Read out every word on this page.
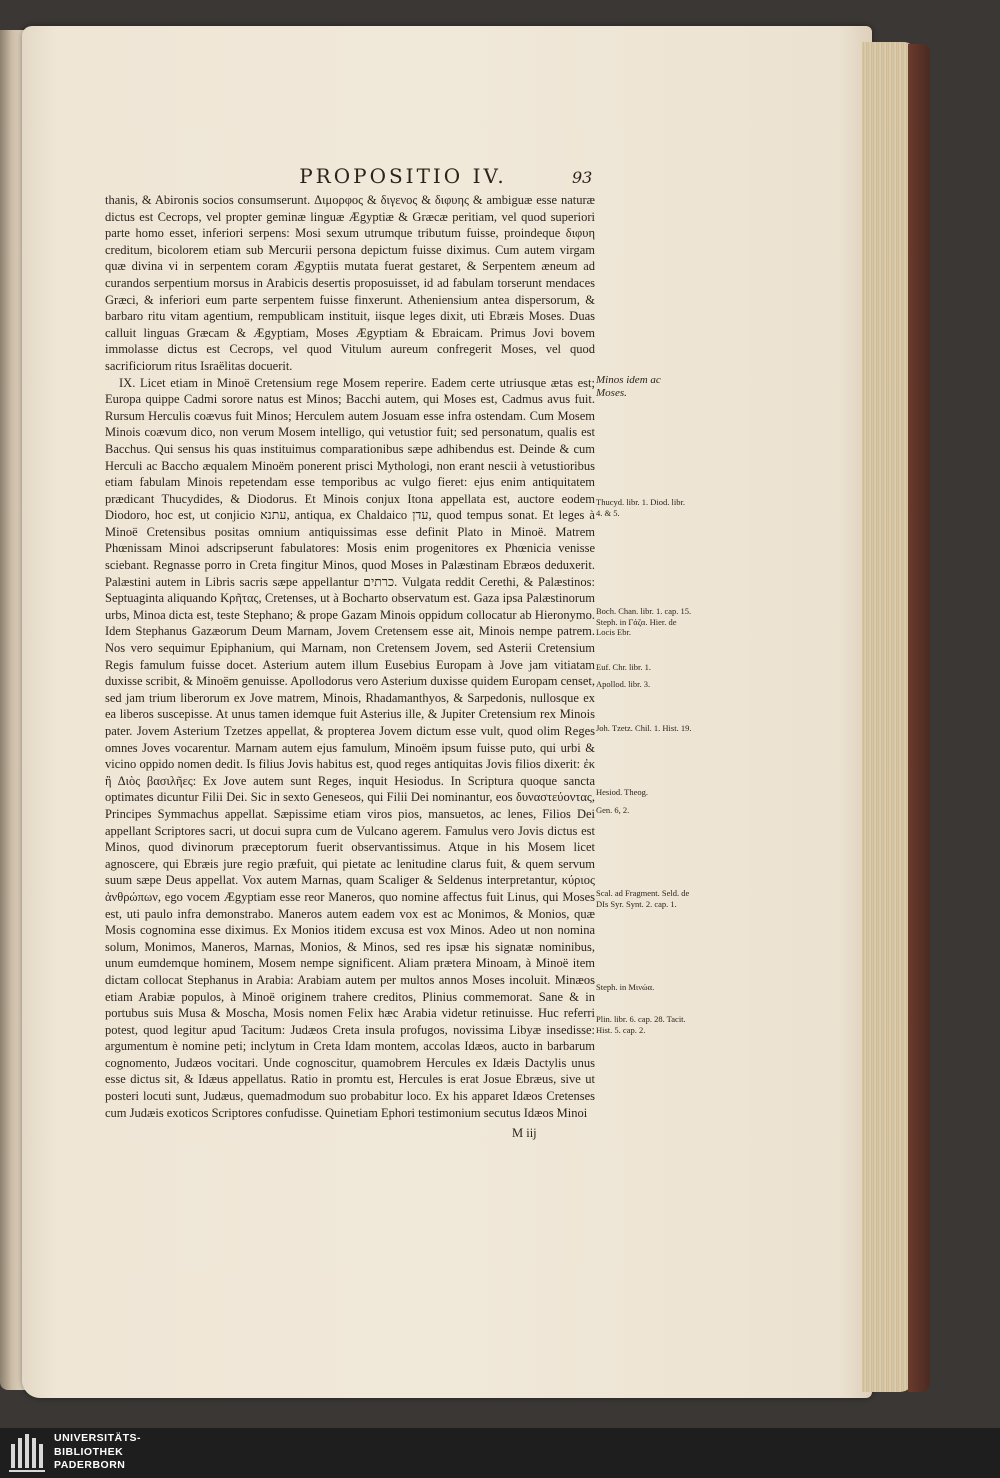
PROPOSITIO IV.	93

thanis, & Abironis socios consumserunt. Διμορφος & διγενος & διφυης & ambiguæ esse naturæ dictus est Cecrops, vel propter geminæ linguæ Ægyptiæ & Græcæ peritiam, vel quod superiori parte homo esset, inferiori serpens: Mosi sexum utrumque tributum fuisse, proindeque διφυη creditum, bicolorem etiam sub Mercurii persona depictum fuisse diximus. Cum autem virgam quæ divina vi in serpentem coram Ægyptiis mutata fuerat gestaret, & Serpentem æneum ad curandos serpentium morsus in Arabicis desertis proposuisset, id ad fabulam torserunt mendaces Græci, & inferiori eum parte serpentem fuisse finxerunt. Atheniensium antea dispersorum, & barbaro ritu vitam agentium, rempublicam instituit, iisque leges dixit, uti Ebræis Moses. Duas calluit linguas Græcam & Ægyptiam, Moses Ægyptiam & Ebraicam. Primus Jovi bovem immolasse dictus est Cecrops, vel quod Vitulum aureum confregerit Moses, vel quod sacrificiorum ritus Israëlitas docuerit.

IX. Licet etiam in Minoë Cretensium rege Mosem reperire. Eadem certe utriusque ætas est; Europa quippe Cadmi sorore natus est Minos; Bacchi autem, qui Moses est, Cadmus avus fuit. Rursum Herculis coævus fuit Minos; Herculem autem Josuam esse infra ostendam. Cum Mosem Minois coævum dico, non verum Mosem intelligo, qui vetustior fuit; sed personatum, qualis est Bacchus. Qui sensus his quas instituimus comparationibus sæpe adhibendus est. Deinde & cum Herculi ac Baccho æqualem Minoëm ponerent prisci Mythologi, non erant nescii à vetustioribus etiam fabulam Minois repetendam esse temporibus ac vulgo fieret: ejus enim antiquitatem prædicant Thucydides, & Diodorus. Et Minois conjux Itona appellata est, auctore eodem Diodoro, hoc est, ut conjicio עתנא, antiqua, ex Chaldaico עדן, quod tempus sonat. Et leges à Minoë Cretensibus positas omnium antiquissimas esse definit Plato in Minoë. Matrem Phœnissam Minoi adscripserunt fabulatores: Mosis enim progenitores ex Phœnicia venisse sciebant. Regnasse porro in Creta fingitur Minos, quod Moses in Palæstinam Ebræos deduxerit. Palæstini autem in Libris sacris sæpe appellantur כרתים. Vulgata reddit Cerethi, & Palæstinos: Septuaginta aliquando Κρῆτας, Cretenses, ut à Bocharto observatum est. Gaza ipsa Palæstinorum urbs, Minoa dicta est, teste Stephano; & prope Gazam Minois oppidum collocatur ab Hieronymo. Idem Stephanus Gazæorum Deum Marnam, Jovem Cretensem esse ait, Minois nempe patrem. Nos vero sequimur Epiphanium, qui Marnam, non Cretensem Jovem, sed Asterii Cretensium Regis famulum fuisse docet. Asterium autem illum Eusebius Europam à Jove jam vitiatam duxisse scribit, & Minoëm genuisse. Apollodorus vero Asterium duxisse quidem Europam censet, sed jam trium liberorum ex Jove matrem, Minois, Rhadamanthyos, & Sarpedonis, nullosque ex ea liberos suscepisse. At unus tamen idemque fuit Asterius ille, & Jupiter Cretensium rex Minois pater. Jovem Asterium Tzetzes appellat, & propterea Jovem dictum esse vult, quod olim Reges omnes Joves vocarentur. Marnam autem ejus famulum, Minoëm ipsum fuisse puto, qui urbi & vicino oppido nomen dedit. Is filius Jovis habitus est, quod reges antiquitas Jovis filios dixerit: ἐκ ἢ Διὸς βασιλῆες: Ex Jove autem sunt Reges, inquit Hesiodus. In Scriptura quoque sancta optimates dicuntur Filii Dei. Sic in sexto Geneseos, qui Filii Dei nominantur, eos δυναστεύοντας, Principes Symmachus appellat. Sæpissime etiam viros pios, mansuetos, ac lenes, Filios Dei appellant Scriptores sacri, ut docui supra cum de Vulcano agerem. Famulus vero Jovis dictus est Minos, quod divinorum præceptorum fuerit observantissimus. Atque in his Mosem licet agnoscere, qui Ebræis jure regio præfuit, qui pietate ac lenitudine clarus fuit, & quem servum suum sæpe Deus appellat. Vox autem Marnas, quam Scaliger & Seldenus interpretantur, κύριος ἀνθρώπων, ego vocem Ægyptiam esse reor Maneros, quo nomine affectus fuit Linus, qui Moses est, uti paulo infra demonstrabo. Maneros autem eadem vox est ac Monimos, & Monios, quæ Mosis cognomina esse diximus. Ex Monios itidem excusa est vox Minos. Adeo ut non nomina solum, Monimos, Maneros, Marnas, Monios, & Minos, sed res ipsæ his signatæ nominibus, unum eumdemque hominem, Mosem nempe significent. Aliam prætera Minoam, à Minoë item dictam collocat Stephanus in Arabia: Arabiam autem per multos annos Moses incoluit. Minæos etiam Arabiæ populos, à Minoë originem trahere creditos, Plinius commemorat. Sane & in portubus suis Musa & Moscha, Mosis nomen Felix hæc Arabia videtur retinuisse. Huc referri potest, quod legitur apud Tacitum: Judæos Creta insula profugos, novissima Libyæ insedisse: argumentum è nomine peti; inclytum in Creta Idam montem, accolas Idæos, aucto in barbarum cognomento, Judæos vocitari. Unde cognoscitur, quamobrem Hercules ex Idæis Dactylis unus esse dictus sit, & Idæus appellatus. Ratio in promtu est, Hercules is erat Josue Ebræus, sive ut posteri locuti sunt, Judæus, quemadmodum suo probabitur loco. Ex his apparet Idæos Cretenses cum Judæis exoticos Scriptores confudisse. Quinetiam Ephori testimonium secutus Idæos Minoi

M iij
Minos idem ac Moses.
Thucyd. libr. 1. Diod. libr. 4. & 5.
Boch. Chan. libr. 1. cap. 15. Steph. in Γάζα. Hier. de Locis Ebr.
Euf. Chr. libr. 1.
Apollod. libr. 3.
Joh. Tzetz. Chil. 1. Hist. 19.
Hesiod. Theog.
Gen. 6, 2.
Scal. ad Fragment. Seld. de DIs Syr. Synt. 2. cap. 1.
Steph. in Μινώα.
Plin. libr. 6. cap. 28. Tacit. Hist. 5. cap. 2.

UNIVERSITÄTS-
BIBLIOTHEK
PADERBORN
